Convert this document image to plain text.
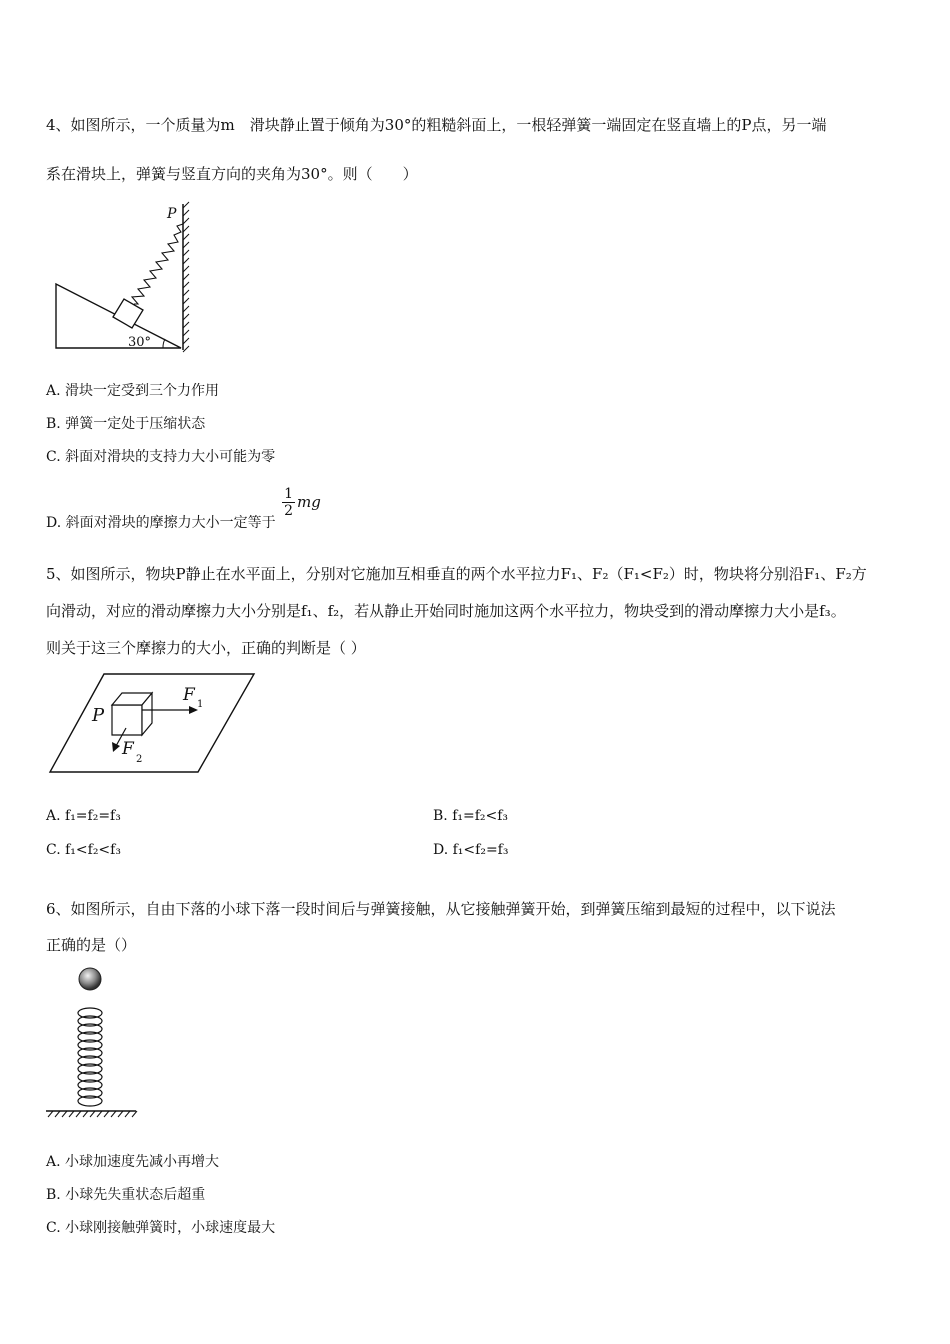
4、如图所示，一个质量为m　滑块静止置于倾角为30°的粗糙斜面上，一根轻弹簧一端固定在竖直墙上的P点，另一端
系在滑块上，弹簧与竖直方向的夹角为30°。则（　　）
30°
P
A. 滑块一定受到三个力作用
B. 弹簧一定处于压缩状态
C. 斜面对滑块的支持力大小可能为零
D. 斜面对滑块的摩擦力大小一定等于
$\frac{1}{2}$ mg
5、如图所示，物块P静止在水平面上，分别对它施加互相垂直的两个水平拉力F₁、F₂（F₁<F₂）时，物块将分别沿F₁、F₂方
向滑动，对应的滑动摩擦力大小分别是f₁、f₂，若从静止开始同时施加这两个水平拉力，物块受到的滑动摩擦力大小是f₃。
则关于这三个摩擦力的大小，正确的判断是（ ）
P
F 1
F
2
A. f₁=f₂=f₃	B. f₁=f₂<f₃
C. f₁<f₂<f₃	D. f₁<f₂=f₃
6、如图所示，自由下落的小球下落一段时间后与弹簧接触，从它接触弹簧开始，到弹簧压缩到最短的过程中，以下说法
正确的是（）
A. 小球加速度先减小再增大
B. 小球先失重状态后超重
C. 小球刚接触弹簧时，小球速度最大
